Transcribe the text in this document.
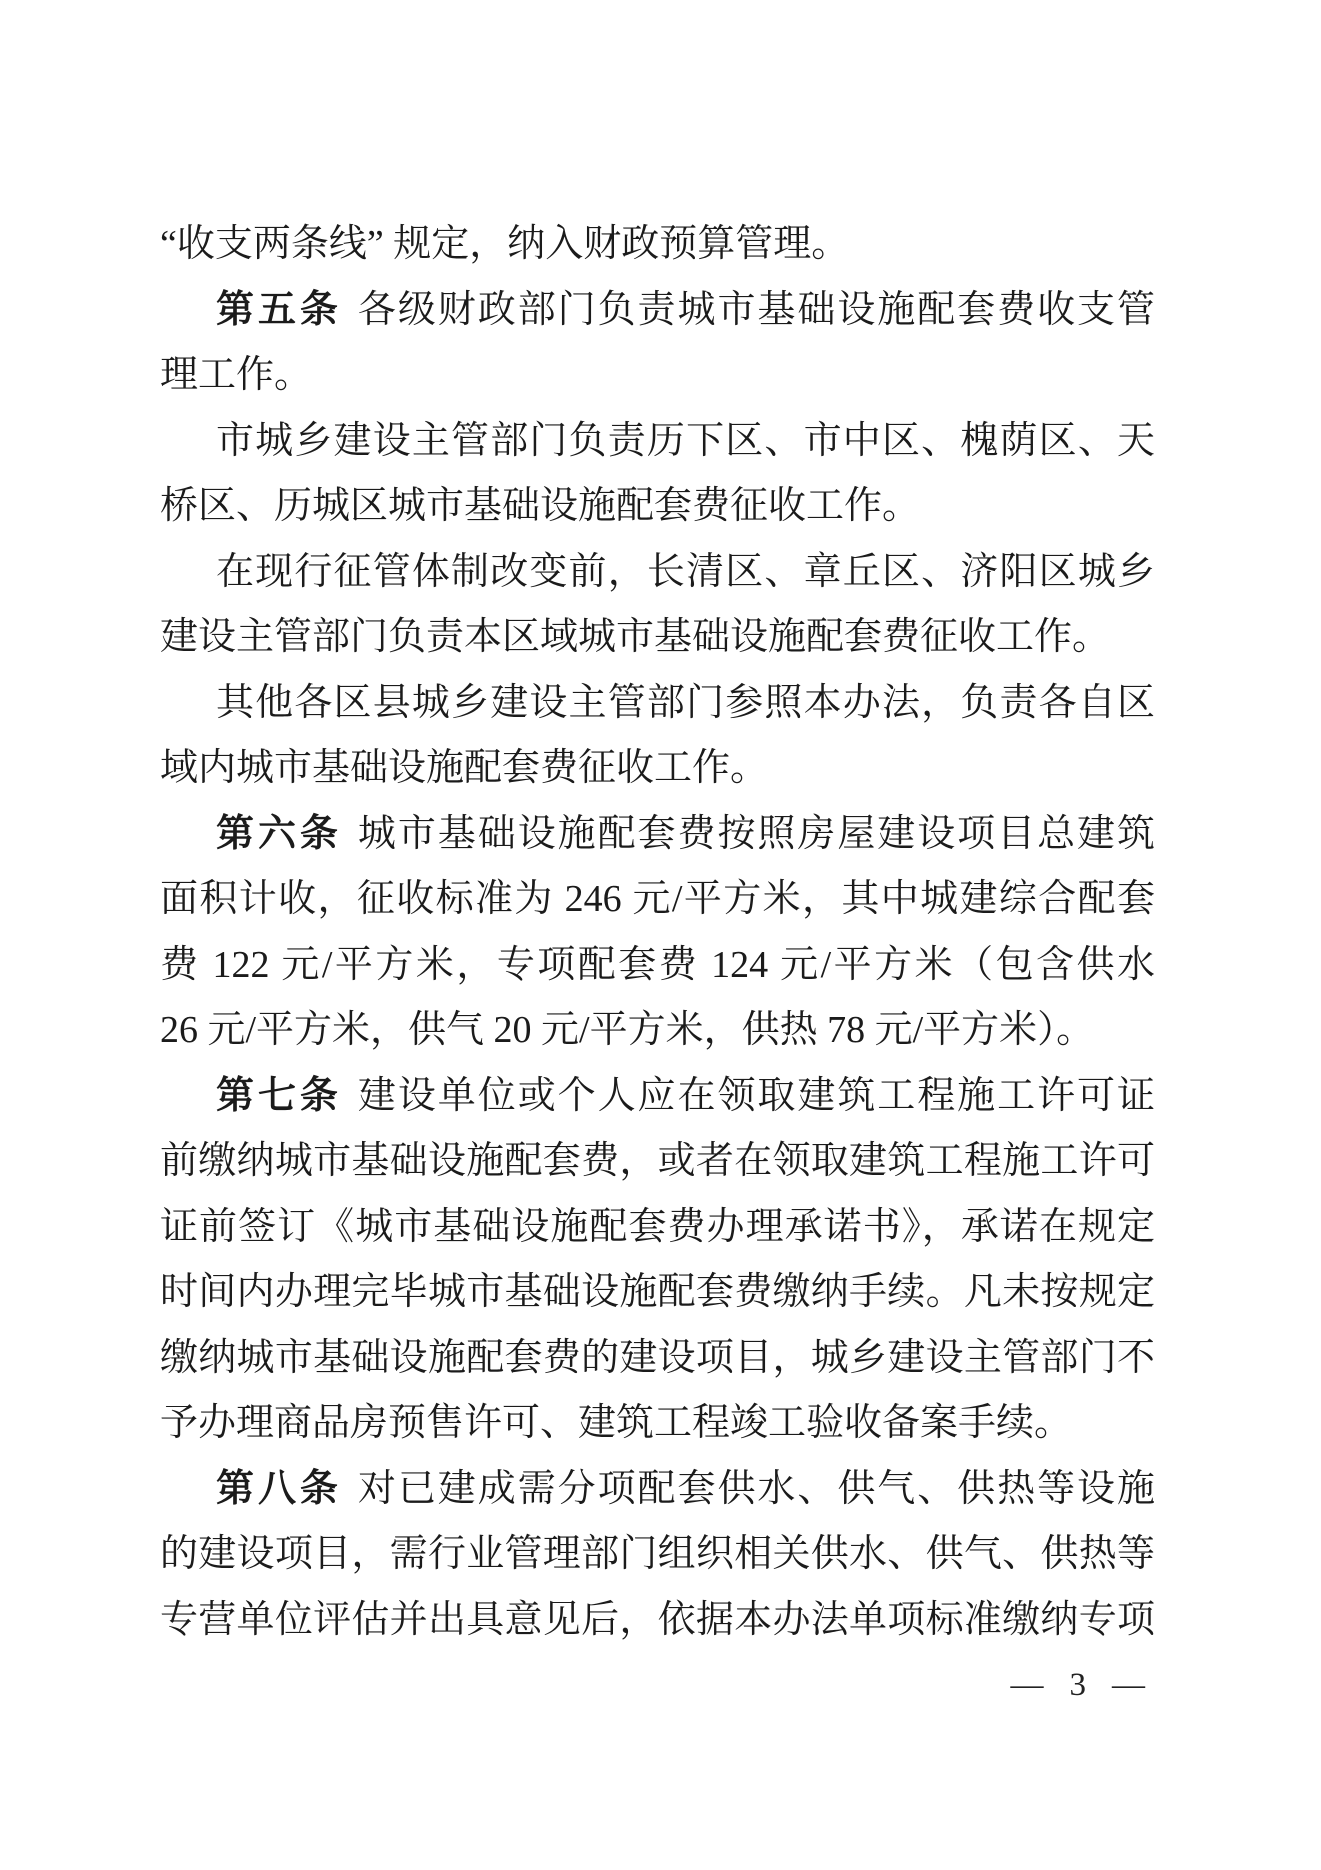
“收支两条线” 规定，纳入财政预算管理。
第五条 各级财政部门负责城市基础设施配套费收支管
理工作。
市城乡建设主管部门负责历下区、市中区、槐荫区、天
桥区、历城区城市基础设施配套费征收工作。
在现行征管体制改变前，长清区、章丘区、济阳区城乡
建设主管部门负责本区域城市基础设施配套费征收工作。
其他各区县城乡建设主管部门参照本办法，负责各自区
域内城市基础设施配套费征收工作。
第六条 城市基础设施配套费按照房屋建设项目总建筑
面积计收，征收标准为 246 元/平方米，其中城建综合配套
费 122 元/平方米，专项配套费 124 元/平方米（包含供水
26 元/平方米，供气 20 元/平方米，供热 78 元/平方米）。
第七条 建设单位或个人应在领取建筑工程施工许可证
前缴纳城市基础设施配套费，或者在领取建筑工程施工许可
证前签订《城市基础设施配套费办理承诺书》，承诺在规定
时间内办理完毕城市基础设施配套费缴纳手续。凡未按规定
缴纳城市基础设施配套费的建设项目，城乡建设主管部门不
予办理商品房预售许可、建筑工程竣工验收备案手续。
第八条 对已建成需分项配套供水、供气、供热等设施
的建设项目，需行业管理部门组织相关供水、供气、供热等
专营单位评估并出具意见后，依据本办法单项标准缴纳专项
— 3 —
